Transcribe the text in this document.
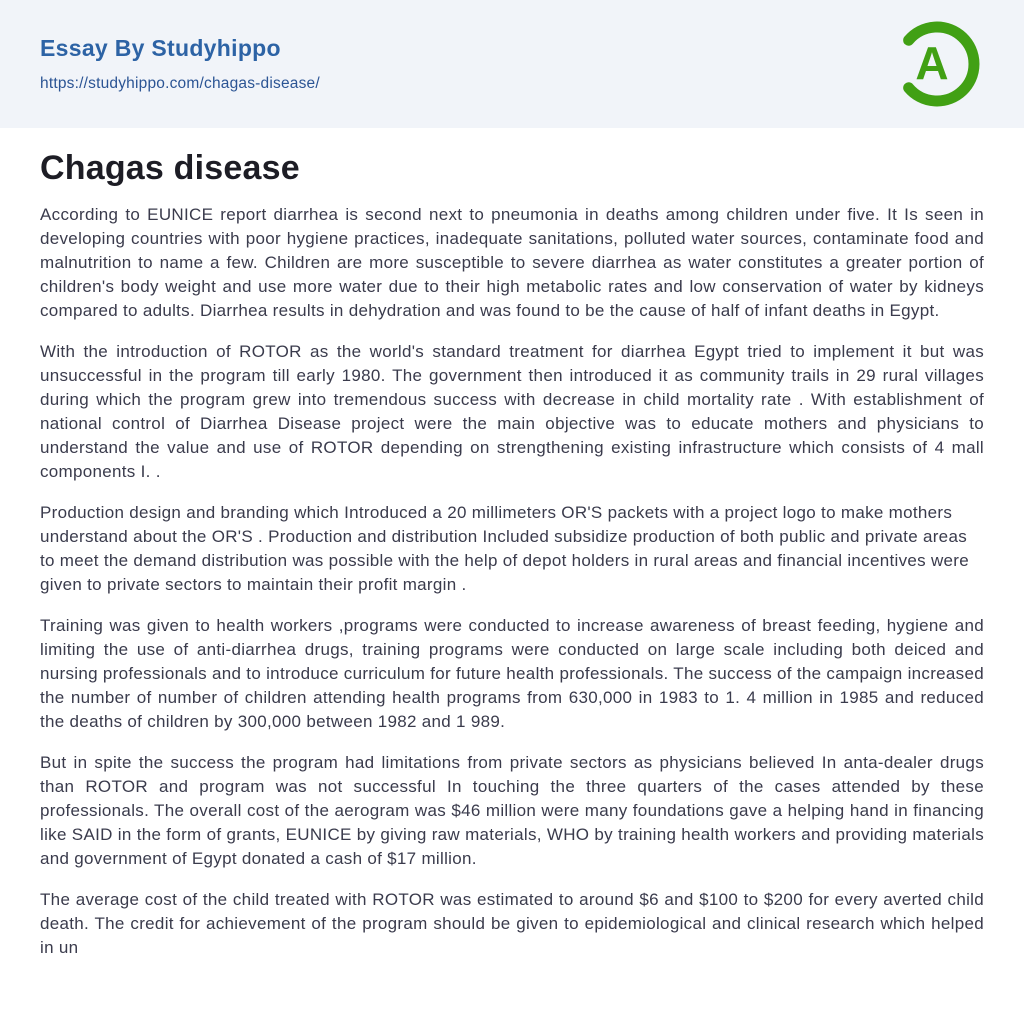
Essay By Studyhippo
https://studyhippo.com/chagas-disease/	A
Chagas disease

According to EUNICE report diarrhea is second next to pneumonia in deaths among children under five. It Is seen in developing countries with poor hygiene practices, inadequate sanitations, polluted water sources, contaminate food and malnutrition to name a few. Children are more susceptible to severe diarrhea as water constitutes a greater portion of children's body weight and use more water due to their high metabolic rates and low conservation of water by kidneys compared to adults. Diarrhea results in dehydration and was found to be the cause of half of infant deaths in Egypt.

With the introduction of ROTOR as the world's standard treatment for diarrhea Egypt tried to implement it but was unsuccessful in the program till early 1980. The government then introduced it as community trails in 29 rural villages during which the program grew into tremendous success with decrease in child mortality rate . With establishment of national control of Diarrhea Disease project were the main objective was to educate mothers and physicians to understand the value and use of ROTOR depending on strengthening existing infrastructure which consists of 4 mall components I. .

Production design and branding which Introduced a 20 millimeters OR'S packets with a project logo to make mothers understand about the OR'S . Production and distribution Included subsidize production of both public and private areas to meet the demand distribution was possible with the help of depot holders in rural areas and financial incentives were given to private sectors to maintain their profit margin .

Training was given to health workers ,programs were conducted to increase awareness of breast feeding, hygiene and limiting the use of anti-diarrhea drugs, training programs were conducted on large scale including both deiced and nursing professionals and to introduce curriculum for future health professionals. The success of the campaign increased the number of number of children attending health programs from 630,000 in 1983 to 1. 4 million in 1985 and reduced the deaths of children by 300,000 between 1982 and 1 989.

But in spite the success the program had limitations from private sectors as physicians believed In anta-dealer drugs than ROTOR and program was not successful In touching the three quarters of the cases attended by these professionals. The overall cost of the aerogram was $46 million were many foundations gave a helping hand in financing like SAID in the form of grants, EUNICE by giving raw materials, WHO by training health workers and providing materials and government of Egypt donated a cash of $17 million.

The average cost of the child treated with ROTOR was estimated to around $6 and $100 to $200 for every averted child death. The credit for achievement of the program should be given to epidemiological and clinical research which helped in un
